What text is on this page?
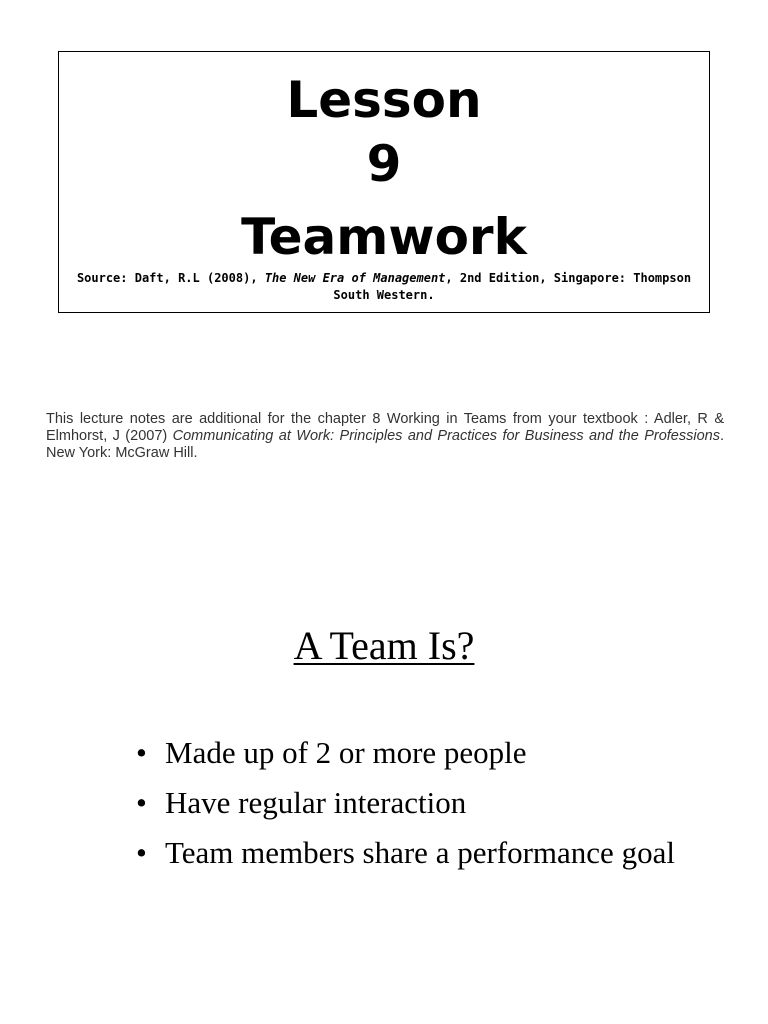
Lesson
9
Teamwork
Source: Daft, R.L (2008), The New Era of Management, 2nd Edition, Singapore: Thompson South Western.
This lecture notes are additional for the chapter 8 Working in Teams from your textbook : Adler, R & Elmhorst, J (2007) Communicating at Work: Principles and Practices for Business and the Professions. New York: McGraw Hill.
A Team Is?
• Made up of 2 or more people
• Have regular interaction
• Team members share a performance goal
